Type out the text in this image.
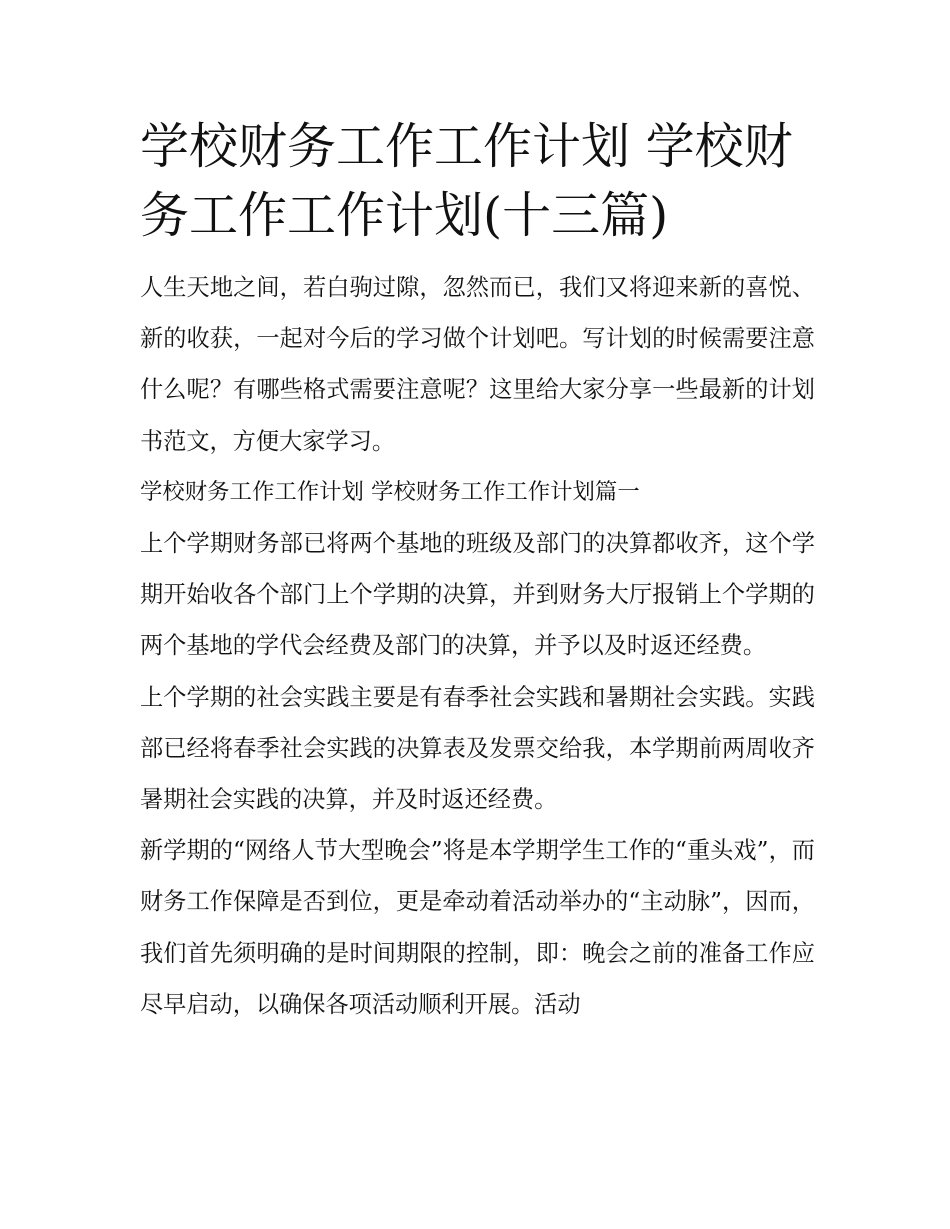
学校财务工作工作计划 学校财务工作工作计划(十三篇)

人生天地之间，若白驹过隙，忽然而已，我们又将迎来新的喜悦、新的收获，一起对今后的学习做个计划吧。写计划的时候需要注意什么呢？有哪些格式需要注意呢？这里给大家分享一些最新的计划书范文，方便大家学习。

学校财务工作工作计划 学校财务工作工作计划篇一

上个学期财务部已将两个基地的班级及部门的决算都收齐，这个学期开始收各个部门上个学期的决算，并到财务大厅报销上个学期的两个基地的学代会经费及部门的决算，并予以及时返还经费。

上个学期的社会实践主要是有春季社会实践和暑期社会实践。实践部已经将春季社会实践的决算表及发票交给我，本学期前两周收齐暑期社会实践的决算，并及时返还经费。

新学期的“网络人节大型晚会”将是本学期学生工作的“重头戏”，而财务工作保障是否到位，更是牵动着活动举办的“主动脉”，因而，我们首先须明确的是时间期限的控制，即：晚会之前的准备工作应尽早启动，以确保各项活动顺利开展。活动
